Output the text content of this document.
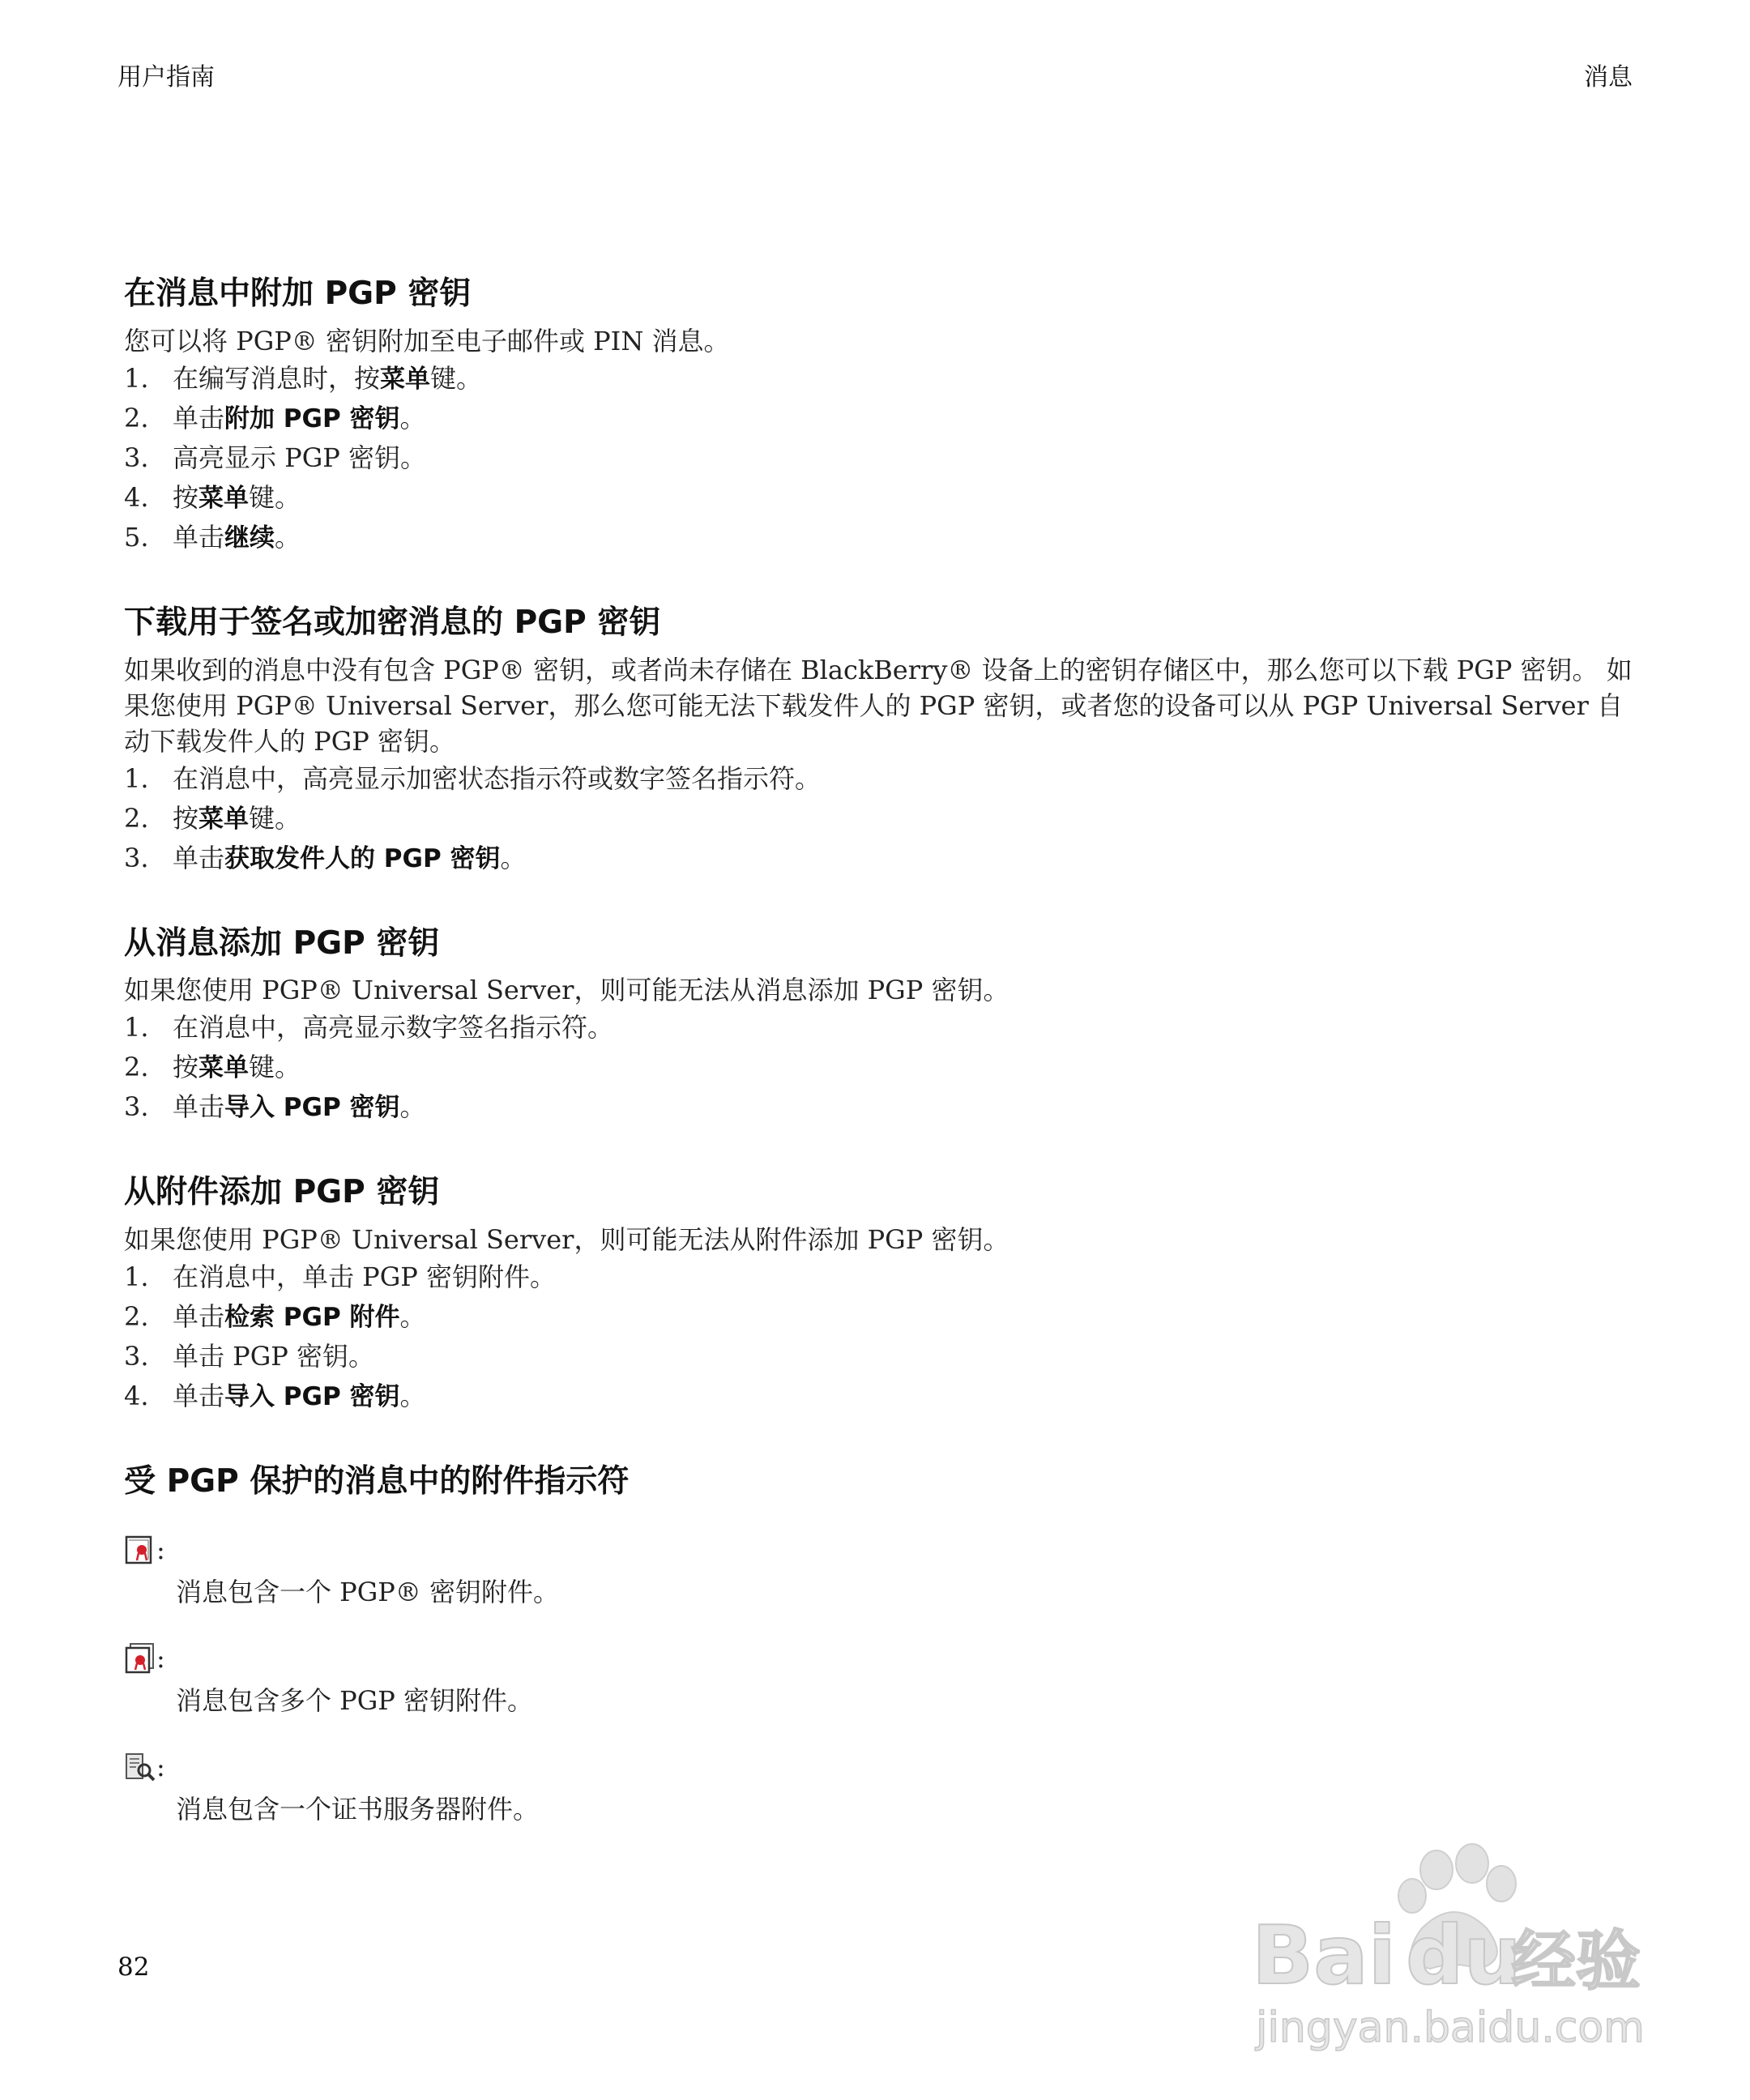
用户指南	消息
在消息中附加 PGP 密钥

您可以将 PGP® 密钥附加至电子邮件或 PIN 消息。

1. 在编写消息时，按菜单键。
2. 单击附加 PGP 密钥。
3. 高亮显示 PGP 密钥。
4. 按菜单键。
5. 单击继续。
下载用于签名或加密消息的 PGP 密钥

如果收到的消息中没有包含 PGP® 密钥，或者尚未存储在 BlackBerry® 设备上的密钥存储区中，那么您可以下载 PGP 密钥。 如果您使用 PGP® Universal Server，那么您可能无法下载发件人的 PGP 密钥，或者您的设备可以从 PGP Universal Server 自动下载发件人的 PGP 密钥。

1. 在消息中，高亮显示加密状态指示符或数字签名指示符。
2. 按菜单键。
3. 单击获取发件人的 PGP 密钥。
从消息添加 PGP 密钥

如果您使用 PGP® Universal Server，则可能无法从消息添加 PGP 密钥。

1. 在消息中，高亮显示数字签名指示符。
2. 按菜单键。
3. 单击导入 PGP 密钥。
从附件添加 PGP 密钥

如果您使用 PGP® Universal Server，则可能无法从附件添加 PGP 密钥。

1. 在消息中，单击 PGP 密钥附件。
2. 单击检索 PGP 附件。
3. 单击 PGP 密钥。
4. 单击导入 PGP 密钥。
受 PGP 保护的消息中的附件指示符
:
消息包含一个 PGP® 密钥附件。
:
消息包含多个 PGP 密钥附件。
:
消息包含一个证书服务器附件。
82	Bai du
经验
jingyan.baidu.com
